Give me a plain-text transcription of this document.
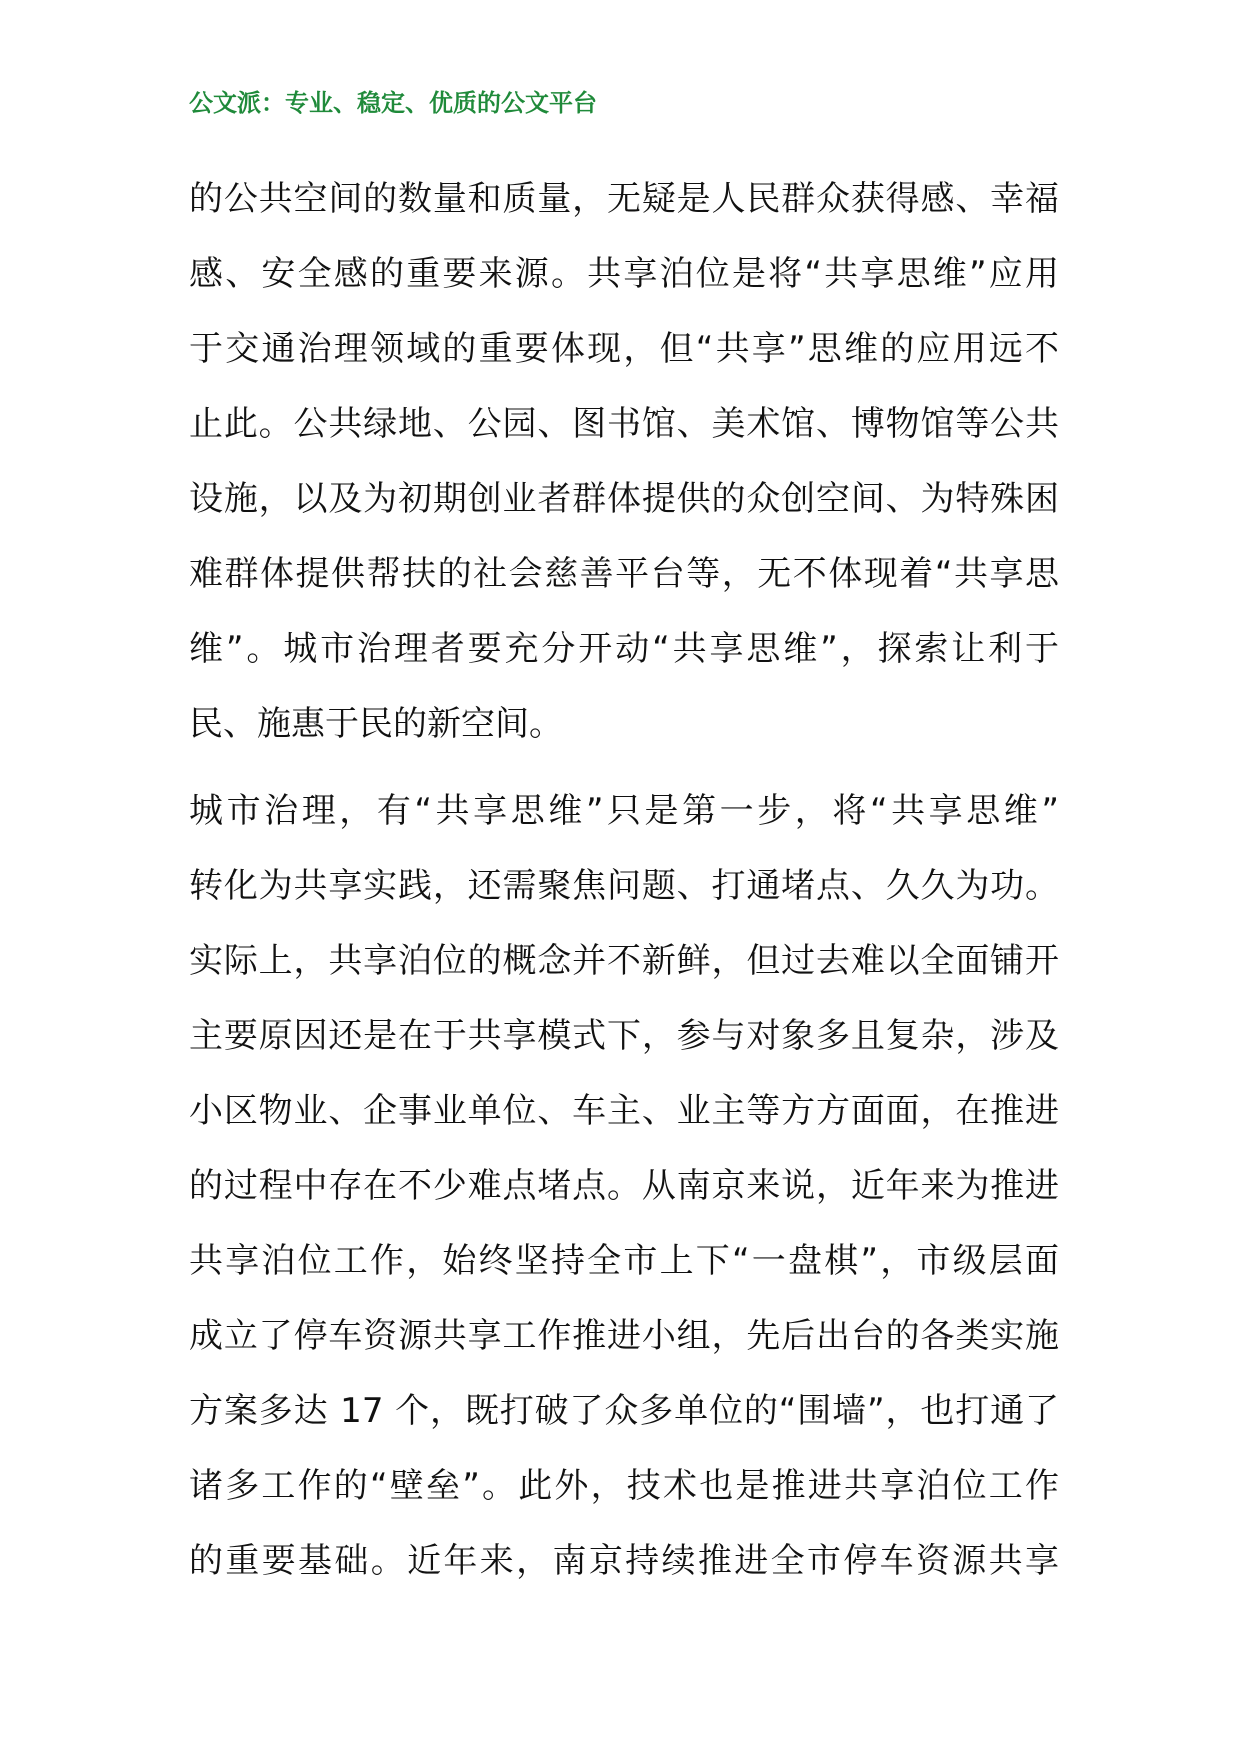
公文派：专业、稳定、优质的公文平台

的公共空间的数量和质量，无疑是人民群众获得感、幸福
感、安全感的重要来源。共享泊位是将“共享思维”应用
于交通治理领域的重要体现，但“共享”思维的应用远不
止此。公共绿地、公园、图书馆、美术馆、博物馆等公共
设施，以及为初期创业者群体提供的众创空间、为特殊困
难群体提供帮扶的社会慈善平台等，无不体现着“共享思
维”。城市治理者要充分开动“共享思维”，探索让利于
民、施惠于民的新空间。

城市治理，有“共享思维”只是第一步，将“共享思维”
转化为共享实践，还需聚焦问题、打通堵点、久久为功。
实际上，共享泊位的概念并不新鲜，但过去难以全面铺开
主要原因还是在于共享模式下，参与对象多且复杂，涉及
小区物业、企事业单位、车主、业主等方方面面，在推进
的过程中存在不少难点堵点。从南京来说，近年来为推进
共享泊位工作，始终坚持全市上下“一盘棋”，市级层面
成立了停车资源共享工作推进小组，先后出台的各类实施
方案多达 17 个，既打破了众多单位的“围墙”，也打通了
诸多工作的“壁垒”。此外，技术也是推进共享泊位工作
的重要基础。近年来，南京持续推进全市停车资源共享
